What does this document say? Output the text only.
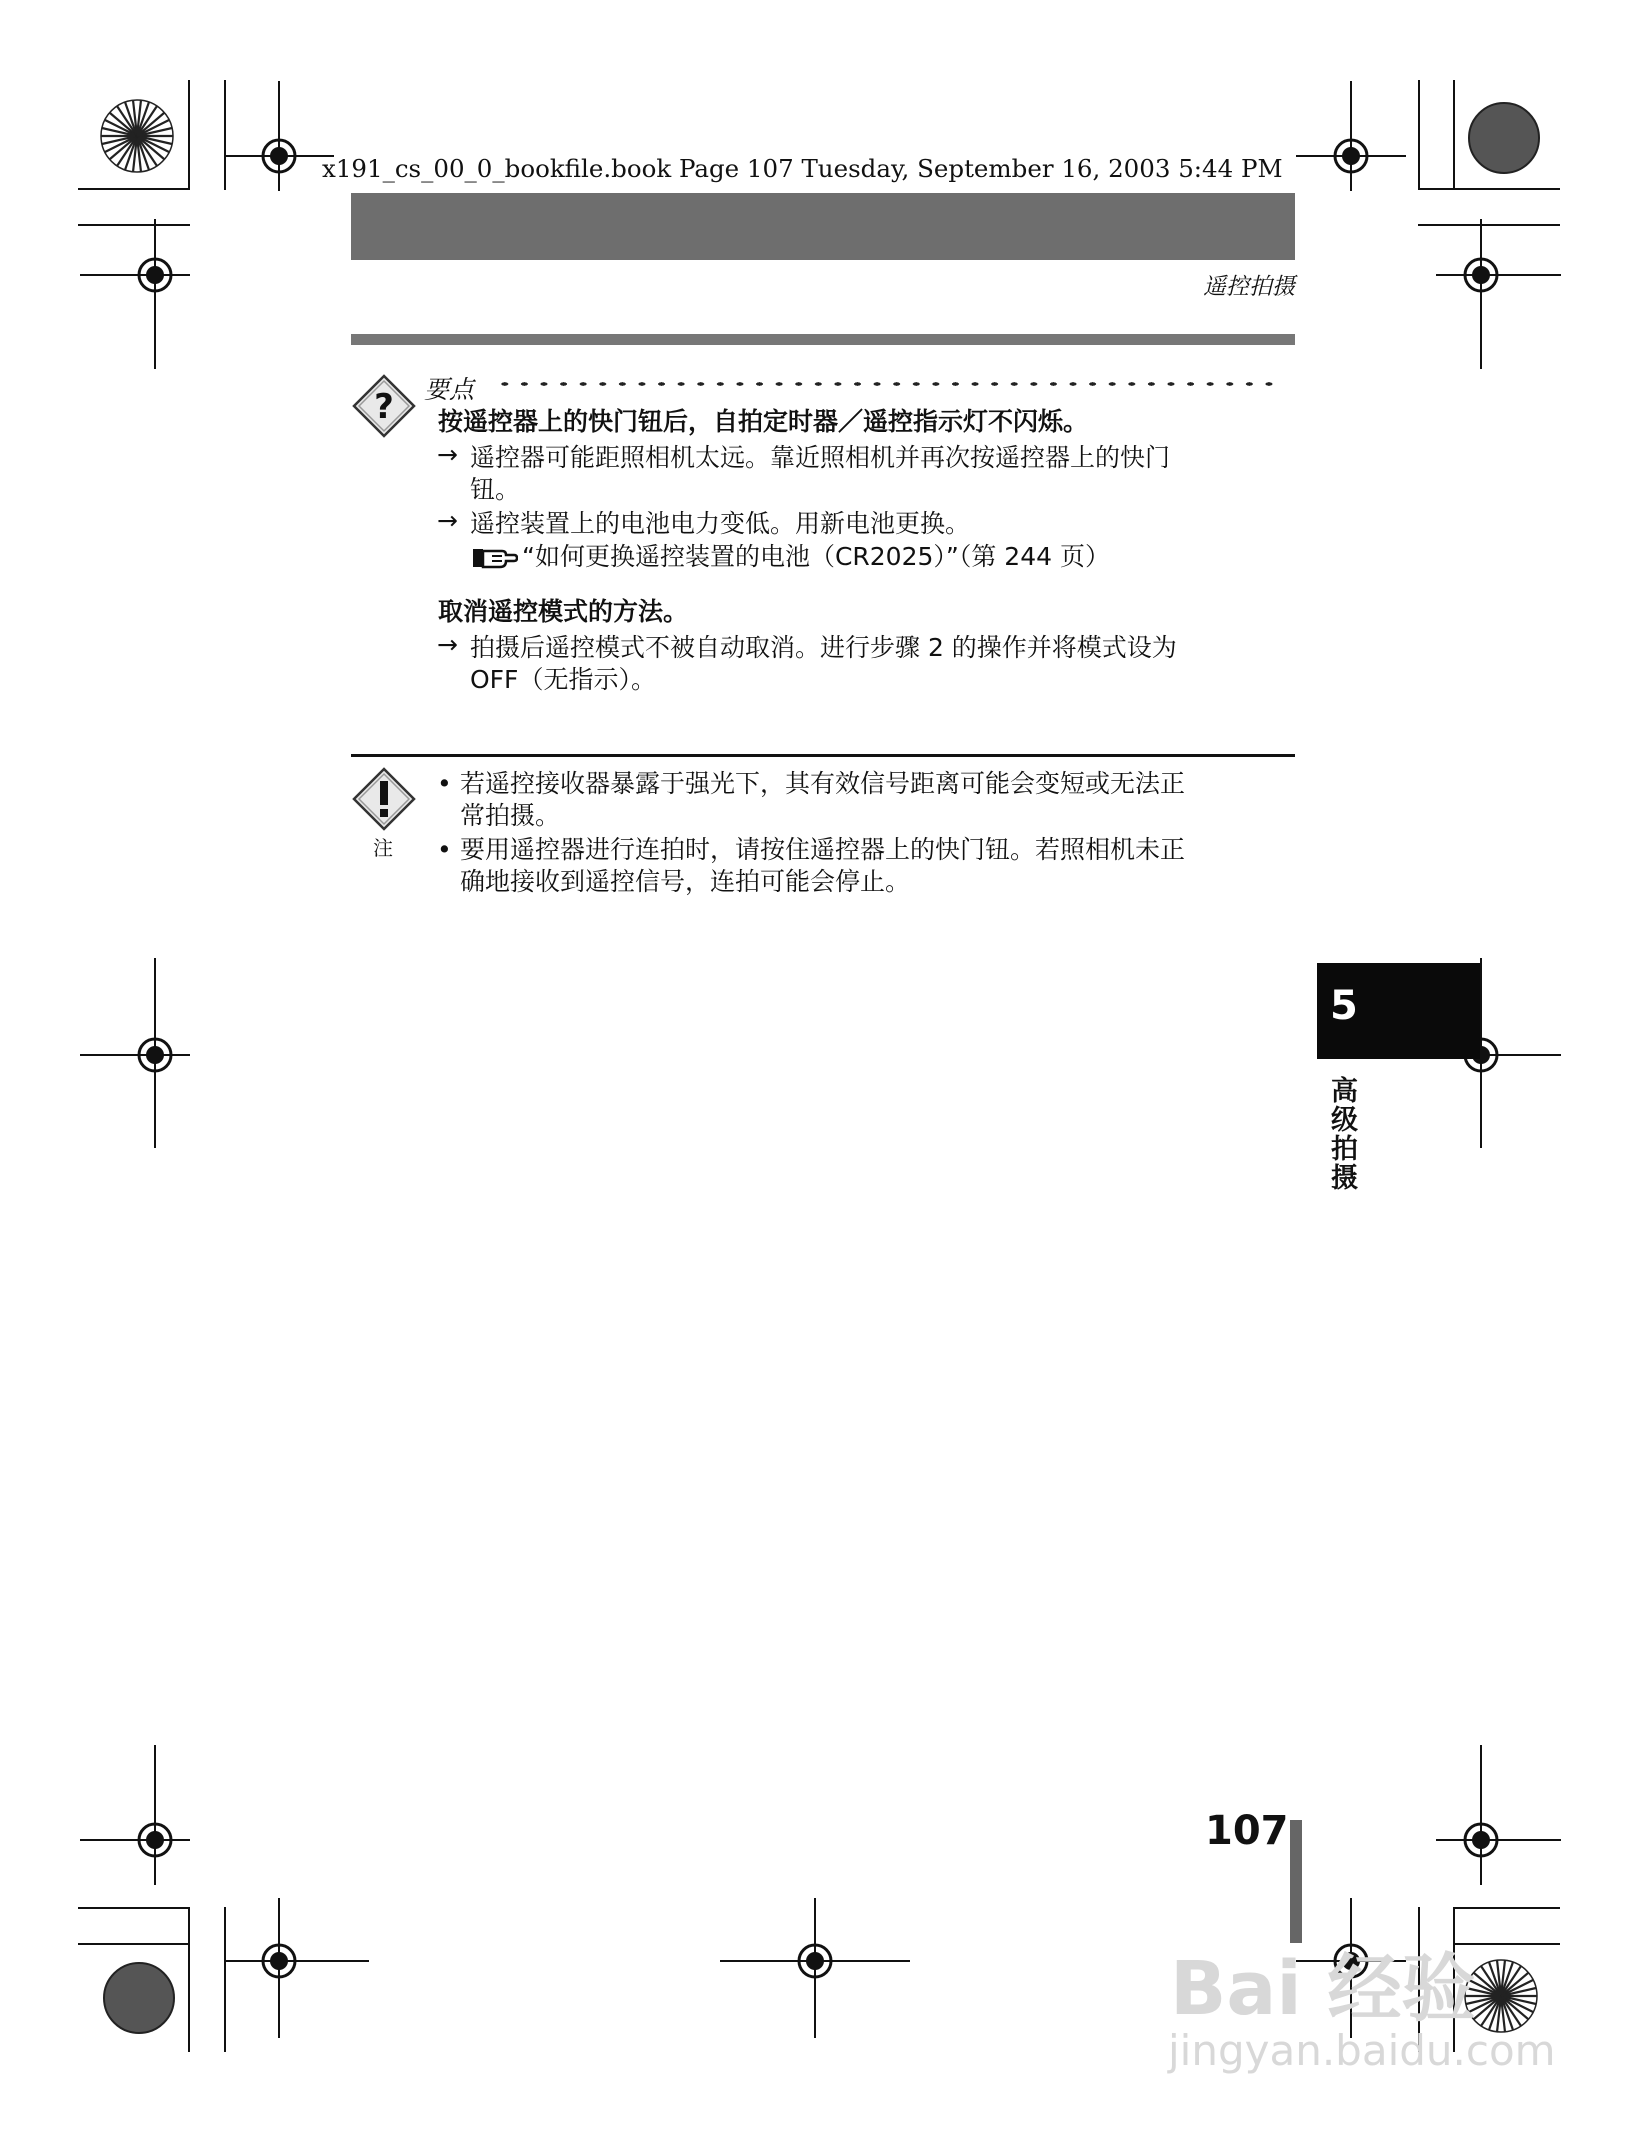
x191_cs_00_0_bookfile.book Page 107 Tuesday, September 16, 2003 5:44 PM
遥控拍摄
? 要点
按遥控器上的快门钮后，自拍定时器／遥控指示灯不闪烁。
→ 遥控器可能距照相机太远。靠近照相机并再次按遥控器上的快门
钮。
→ 遥控装置上的电池电力变低。用新电池更换。
“如何更换遥控装置的电池（CR2025）”（第 244 页）
取消遥控模式的方法。
→ 拍摄后遥控模式不被自动取消。进行步骤 2 的操作并将模式设为
OFF（无指示）。
注
• 若遥控接收器暴露于强光下，其有效信号距离可能会变短或无法正
常拍摄。
• 要用遥控器进行连拍时，请按住遥控器上的快门钮。若照相机未正
确地接收到遥控信号，连拍可能会停止。
5
高级拍摄
107
Bai 经验
jingyan.baidu.com
